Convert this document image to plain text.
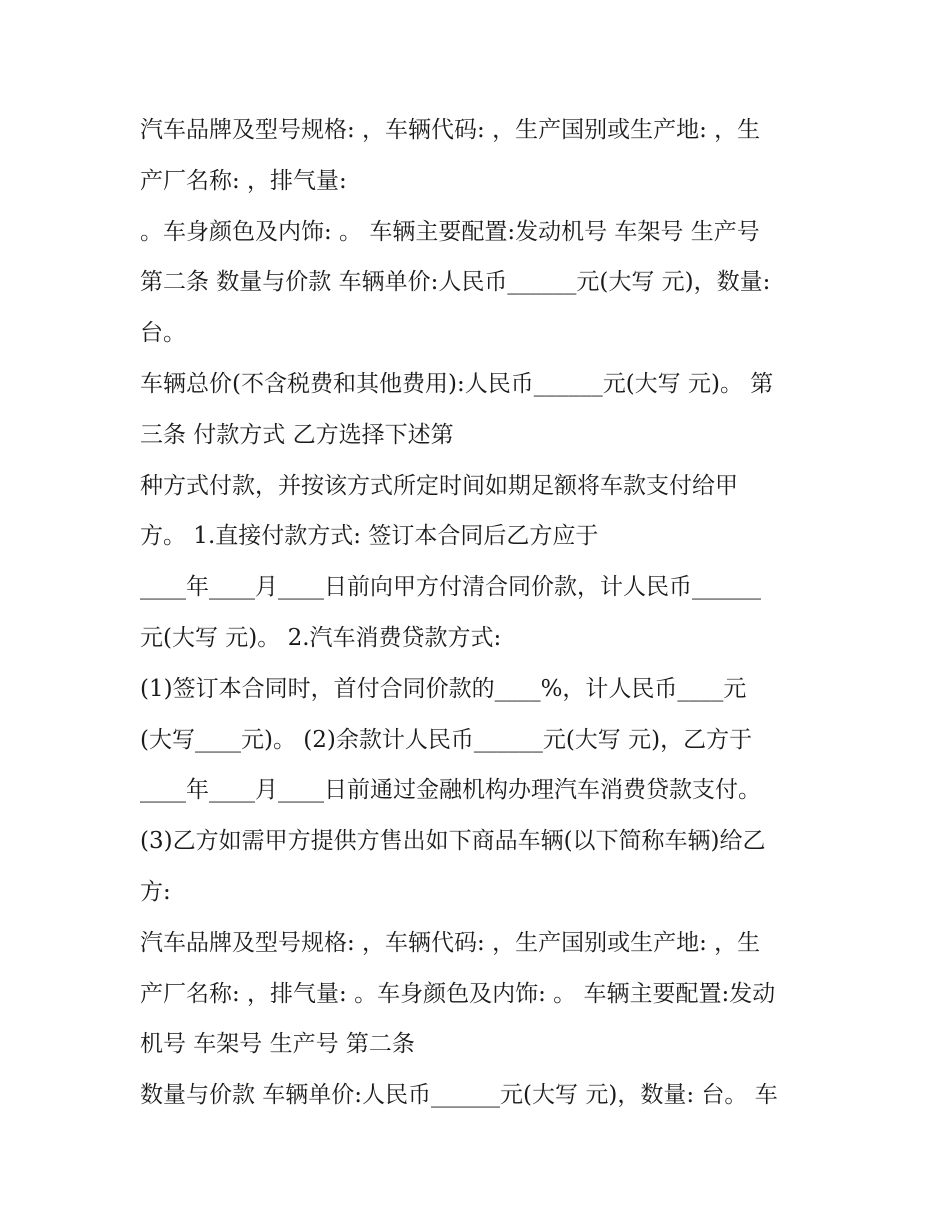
汽车品牌及型号规格: ，车辆代码: ，生产国别或生产地: ，生
产厂名称: ，排气量:
。车身颜色及内饰: 。 车辆主要配置:发动机号 车架号 生产号
第二条 数量与价款 车辆单价:人民币______元(大写 元)，数量:
台。
车辆总价(不含税费和其他费用):人民币______元(大写 元)。 第
三条 付款方式 乙方选择下述第
种方式付款，并按该方式所定时间如期足额将车款支付给甲
方。 1.直接付款方式: 签订本合同后乙方应于
____年____月____日前向甲方付清合同价款，计人民币______
元(大写 元)。 2.汽车消费贷款方式:
(1)签订本合同时，首付合同价款的____%，计人民币____元
(大写____元)。 (2)余款计人民币______元(大写 元)，乙方于
____年____月____日前通过金融机构办理汽车消费贷款支付。
(3)乙方如需甲方提供方售出如下商品车辆(以下简称车辆)给乙
方:
汽车品牌及型号规格: ，车辆代码: ，生产国别或生产地: ，生
产厂名称: ，排气量: 。车身颜色及内饰: 。 车辆主要配置:发动
机号 车架号 生产号 第二条
数量与价款 车辆单价:人民币______元(大写 元)，数量: 台。 车
